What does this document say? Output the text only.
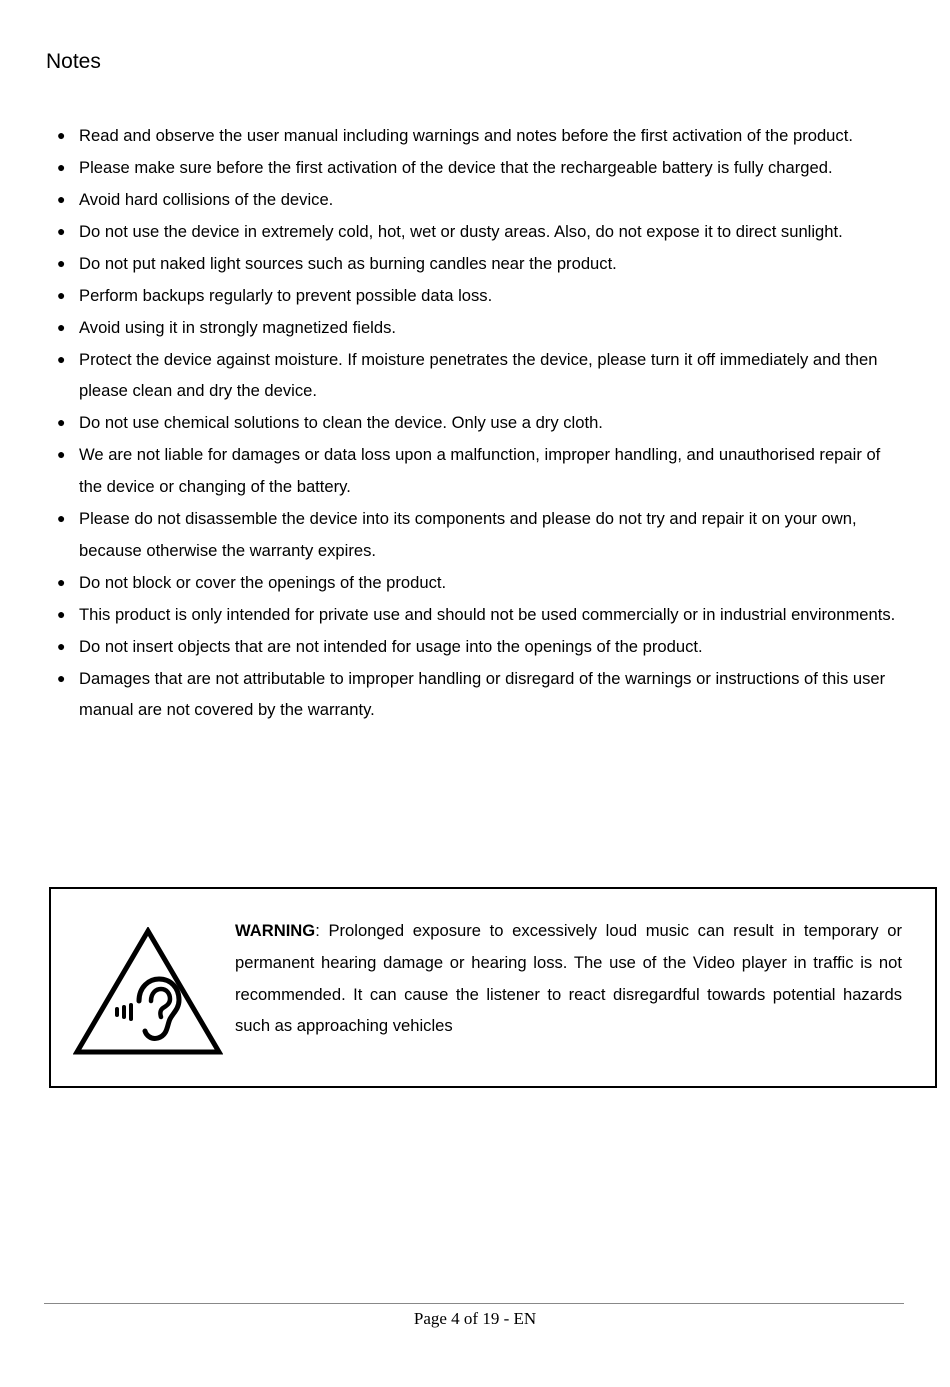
Notes
● Read and observe the user manual including warnings and notes before the first activation of the product.
● Please make sure before the first activation of the device that the rechargeable battery is fully charged.
● Avoid hard collisions of the device.
● Do not use the device in extremely cold, hot, wet or dusty areas. Also, do not expose it to direct sunlight.
● Do not put naked light sources such as burning candles near the product.
● Perform backups regularly to prevent possible data loss.
● Avoid using it in strongly magnetized fields.
● Protect the device against moisture. If moisture penetrates the device, please turn it off immediately and then please clean and dry the device.
● Do not use chemical solutions to clean the device. Only use a dry cloth.
● We are not liable for damages or data loss upon a malfunction, improper handling, and unauthorised repair of the device or changing of the battery.
● Please do not disassemble the device into its components and please do not try and repair it on your own, because otherwise the warranty expires.
● Do not block or cover the openings of the product.
● This product is only intended for private use and should not be used commercially or in industrial environments.
● Do not insert objects that are not intended for usage into the openings of the product.
● Damages that are not attributable to improper handling or disregard of the warnings or instructions of this user manual are not covered by the warranty.
WARNING: Prolonged exposure to excessively loud music can result in temporary or permanent hearing damage or hearing loss. The use of the Video player in traffic is not recommended. It can cause the listener to react disregardful towards potential hazards such as approaching vehicles
Page 4 of 19 - EN
